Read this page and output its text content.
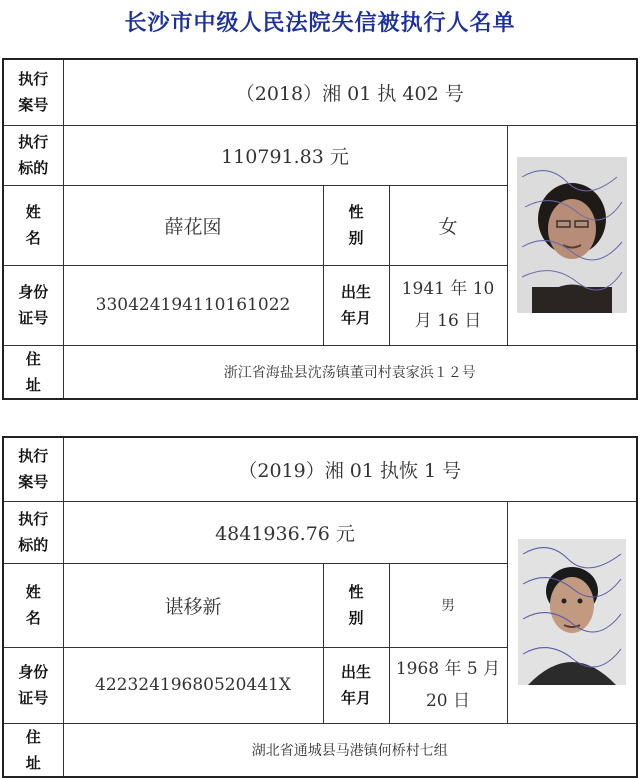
长沙市中级人民法院失信被执行人名单
执行
案号	（2018）湘 01 执 402 号			
执行
标的	110791.83 元	

姓
名	薛花囡	性
别	女	
身份
证号	330424194110161022	出生
年月	1941 年 10
月 16 日	
住
址	浙江省海盐县沈荡镇董司村袁家浜１２号			
执行
案号	（2019）湘 01 执恢 1 号			
执行
标的	4841936.76 元	

姓
名	谌移新	性
别	男	
身份
证号	42232419680520441X	出生
年月	1968 年 5 月
20 日	
住
址	湖北省通城县马港镇何桥村七组			
